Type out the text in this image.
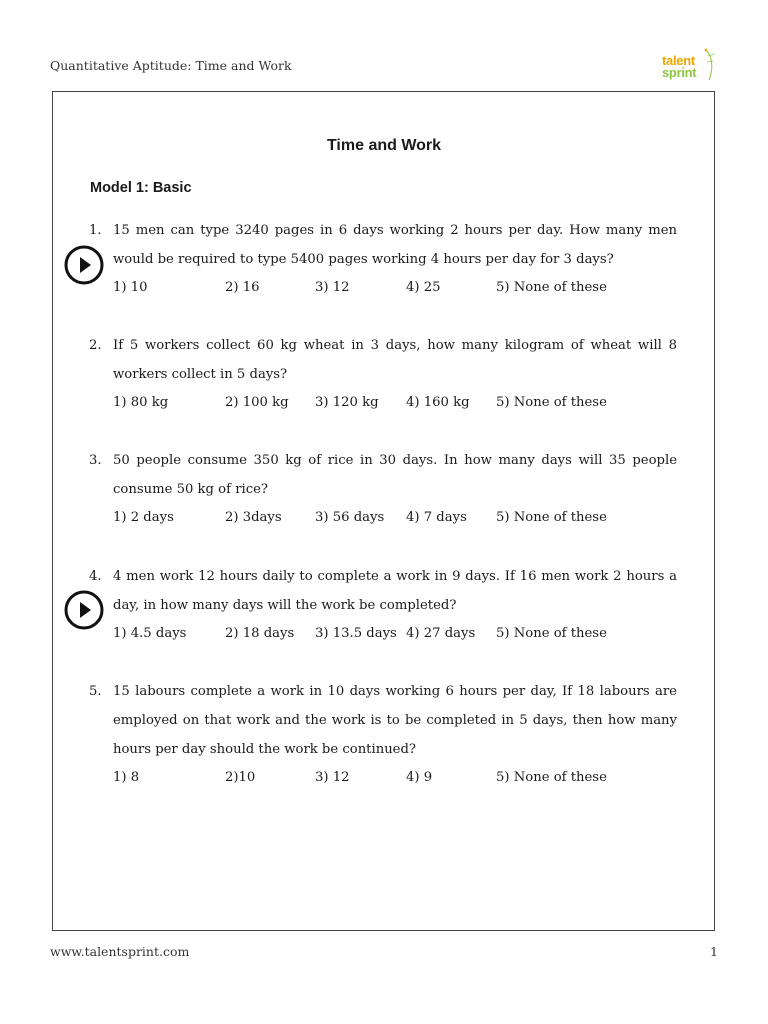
Quantitative Aptitude: Time and Work	talent
sprint
Time and Work
Model 1: Basic
1. 15 men can type 3240 pages in 6 days working 2 hours per day. How many men would be required to type 5400 pages working 4 hours per day for 3 days?
1) 10	2) 16	3) 12	4) 25	5) None of these
2. If 5 workers collect 60 kg wheat in 3 days, how many kilogram of wheat will 8 workers collect in 5 days?
1) 80 kg	2) 100 kg 3) 120 kg 4) 160 kg 5) None of these
3. 50 people consume 350 kg of rice in 30 days. In how many days will 35 people consume 50 kg of rice?
1) 2 days	2) 3days	3) 56 days 4) 7 days 5) None of these
4. 4 men work 12 hours daily to complete a work in 9 days. If 16 men work 2 hours a day, in how many days will the work be completed?
1) 4.5 days	2) 18 days 3) 13.5 days 4) 27 days 5) None of these
5. 15 labours complete a work in 10 days working 6 hours per day, If 18 labours are employed on that work and the work is to be completed in 5 days, then how many hours per day should the work be continued?
1) 8	2)10	3) 12	4) 9	5) None of these
www.talentsprint.com	1
